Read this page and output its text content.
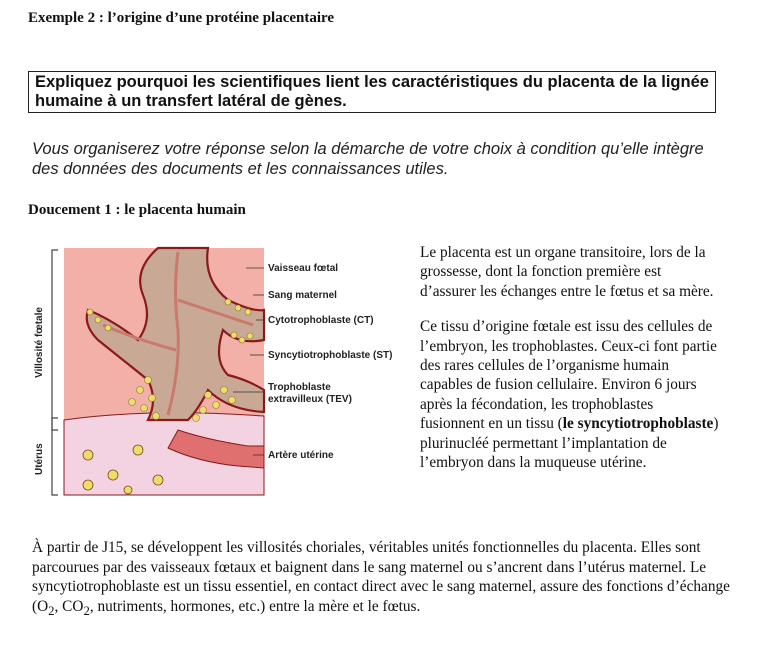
Exemple 2 : l’origine d’une protéine placentaire
Expliquez pourquoi les scientifiques lient les caractéristiques du placenta de la lignée humaine à un transfert latéral de gènes.
Vous organiserez votre réponse selon la démarche de votre choix à condition qu’elle intègre des données des documents et les connaissances utiles.
Doucement 1 : le placenta humain
Villosité fœtale
Utérus
Vaisseau fœtal
Sang maternel
Cytotrophoblaste (CT)
Syncytiotrophoblaste (ST)
Trophoblaste
extravilleux (TEV)
Artère utérine

Le placenta est un organe transitoire, lors de la grossesse, dont la fonction première est d’assurer les échanges entre le fœtus et sa mère.

Ce tissu d’origine fœtale est issu des cellules de l’embryon, les trophoblastes. Ceux-ci font partie des rares cellules de l’organisme humain capables de fusion cellulaire. Environ 6 jours après la fécondation, les trophoblastes fusionnent en un tissu (le syncytiotrophoblaste) plurinucléé permettant l’implantation de l’embryon dans la muqueuse utérine.

À partir de J15, se développent les villosités choriales, véritables unités fonctionnelles du placenta. Elles sont parcourues par des vaisseaux fœtaux et baignent dans le sang maternel ou s’ancrent dans l’utérus maternel. Le syncytiotrophoblaste est un tissu essentiel, en contact direct avec le sang maternel, assure des fonctions d’échange ($O_2$, $CO_2$, nutriments, hormones, etc.) entre la mère et le fœtus.
